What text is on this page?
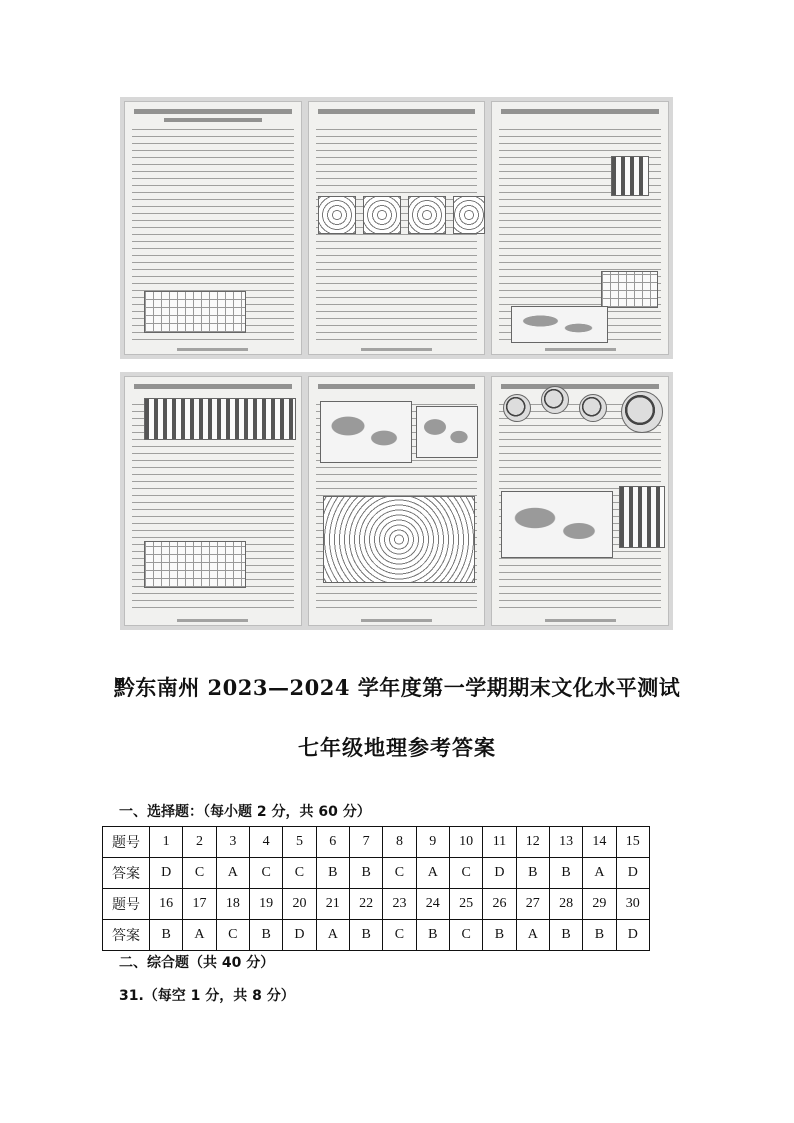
黔东南州 2023—2024 学年度第一学期期末文化水平测试
七年级地理参考答案
一、选择题：（每小题 2 分，共 60 分）
题号	1	2	3	4	5	6	7	8	9	10	11	12	13	14	15
答案	D	C	A	C	C	B	B	C	A	C	D	B	B	A	D
题号	16	17	18	19	20	21	22	23	24	25	26	27	28	29	30
答案	B	A	C	B	D	A	B	C	B	C	B	A	B	B	D
二、综合题（共 40 分）
31.（每空 1 分，共 8 分）
